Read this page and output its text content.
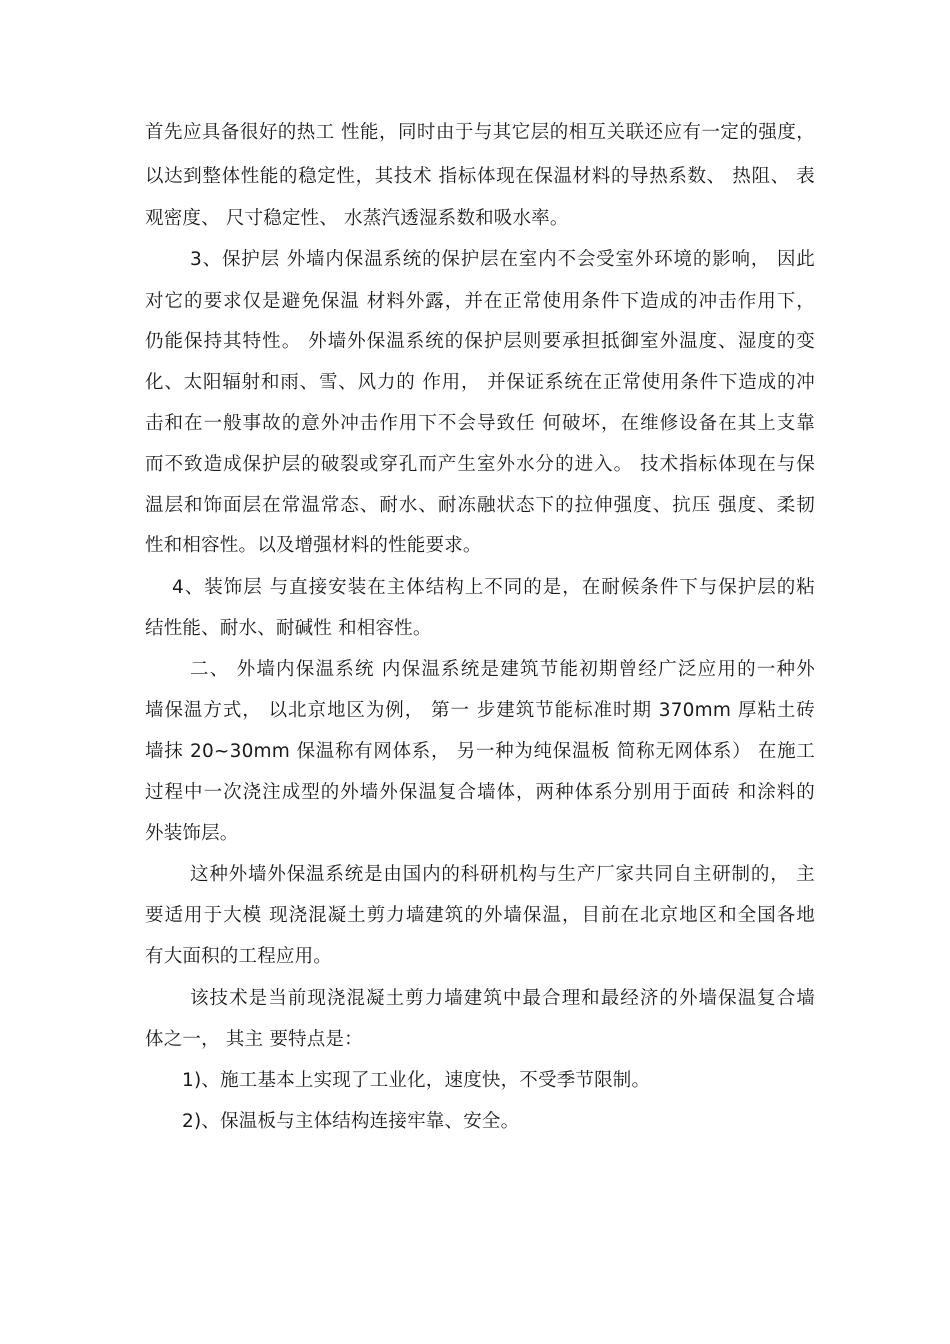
首先应具备很好的热工 性能，同时由于与其它层的相互关联还应有一定的强度，
以达到整体性能的稳定性，其技术 指标体现在保温材料的导热系数、 热阻、 表
观密度、 尺寸稳定性、 水蒸汽透湿系数和吸水率。
3、保护层 外墙内保温系统的保护层在室内不会受室外环境的影响， 因此
对它的要求仅是避免保温 材料外露，并在正常使用条件下造成的冲击作用下，
仍能保持其特性。 外墙外保温系统的保护层则要承担抵御室外温度、湿度的变
化、太阳辐射和雨、雪、风力的 作用， 并保证系统在正常使用条件下造成的冲
击和在一般事故的意外冲击作用下不会导致任 何破坏，在维修设备在其上支靠
而不致造成保护层的破裂或穿孔而产生室外水分的进入。 技术指标体现在与保
温层和饰面层在常温常态、耐水、耐冻融状态下的拉伸强度、抗压 强度、柔韧
性和相容性。以及增强材料的性能要求。
4、装饰层 与直接安装在主体结构上不同的是，在耐候条件下与保护层的粘
结性能、耐水、耐碱性 和相容性。
二、 外墙内保温系统 内保温系统是建筑节能初期曾经广泛应用的一种外
墙保温方式， 以北京地区为例， 第一 步建筑节能标准时期 370mm 厚粘土砖
墙抹 20~30mm 保温称有网体系， 另一种为纯保温板 简称无网体系） 在施工
过程中一次浇注成型的外墙外保温复合墙体，两种体系分别用于面砖 和涂料的
外装饰层。
这种外墙外保温系统是由国内的科研机构与生产厂家共同自主研制的， 主
要适用于大模 现浇混凝土剪力墙建筑的外墙保温，目前在北京地区和全国各地
有大面积的工程应用。
该技术是当前现浇混凝土剪力墙建筑中最合理和最经济的外墙保温复合墙
体之一， 其主 要特点是：
1)、施工基本上实现了工业化，速度快，不受季节限制。
2)、保温板与主体结构连接牢靠、安全。
